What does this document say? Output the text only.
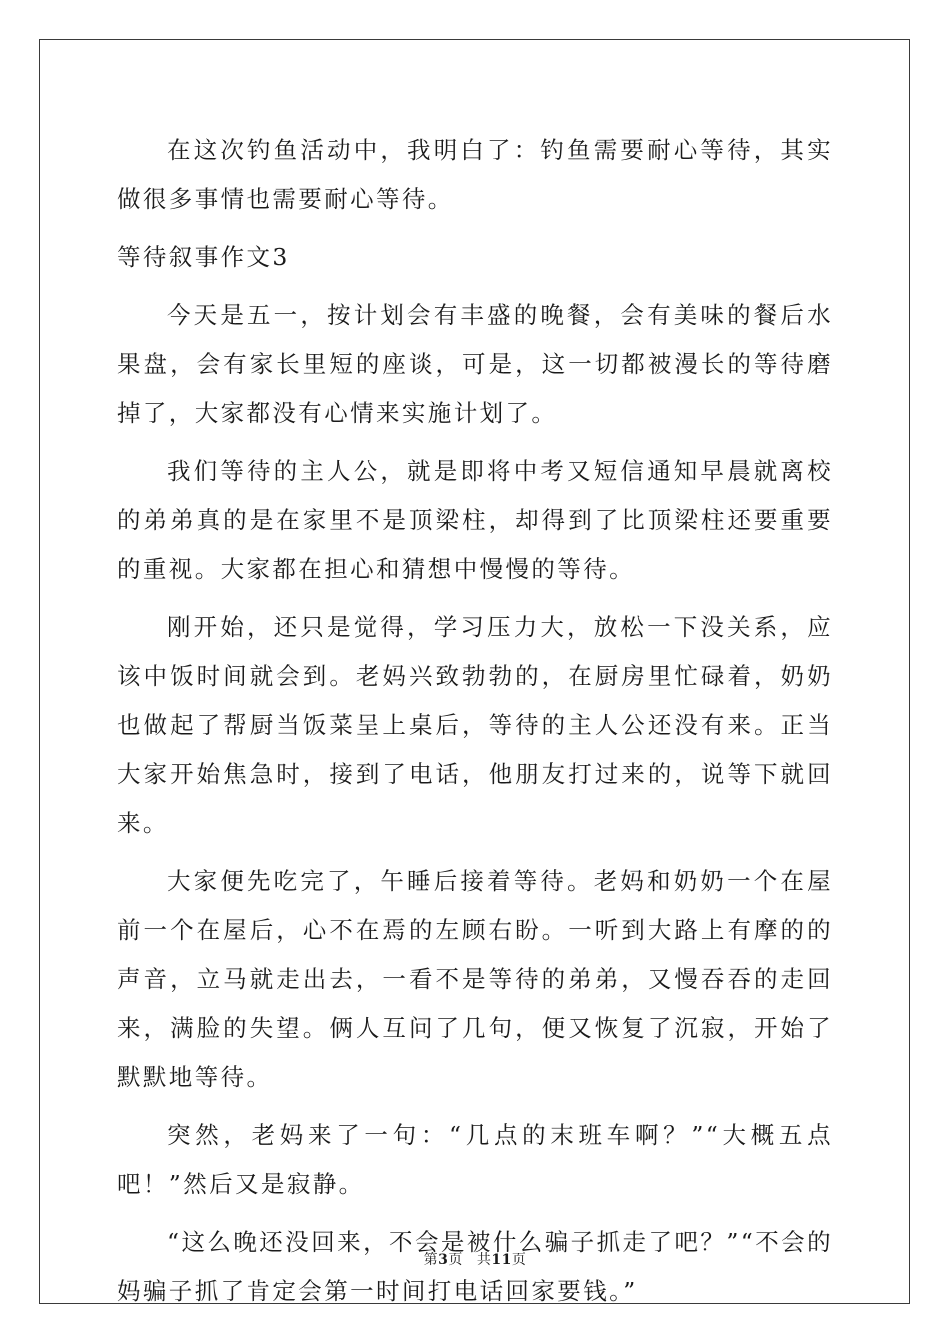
在这次钓鱼活动中，我明白了：钓鱼需要耐心等待，其实做很多事情也需要耐心等待。

等待叙事作文3

今天是五一，按计划会有丰盛的晚餐，会有美味的餐后水果盘，会有家长里短的座谈，可是，这一切都被漫长的等待磨掉了，大家都没有心情来实施计划了。

我们等待的主人公，就是即将中考又短信通知早晨就离校的弟弟真的是在家里不是顶梁柱，却得到了比顶梁柱还要重要的重视。大家都在担心和猜想中慢慢的等待。

刚开始，还只是觉得，学习压力大，放松一下没关系，应该中饭时间就会到。老妈兴致勃勃的，在厨房里忙碌着，奶奶也做起了帮厨当饭菜呈上桌后，等待的主人公还没有来。正当大家开始焦急时，接到了电话，他朋友打过来的，说等下就回来。

大家便先吃完了，午睡后接着等待。老妈和奶奶一个在屋前一个在屋后，心不在焉的左顾右盼。一听到大路上有摩的的声音，立马就走出去，一看不是等待的弟弟，又慢吞吞的走回来，满脸的失望。俩人互问了几句，便又恢复了沉寂，开始了默默地等待。

突然，老妈来了一句：“几点的末班车啊？”“大概五点吧！”然后又是寂静。

“这么晚还没回来，不会是被什么骗子抓走了吧？”“不会的妈骗子抓了肯定会第一时间打电话回家要钱。”

第3页 共11页
